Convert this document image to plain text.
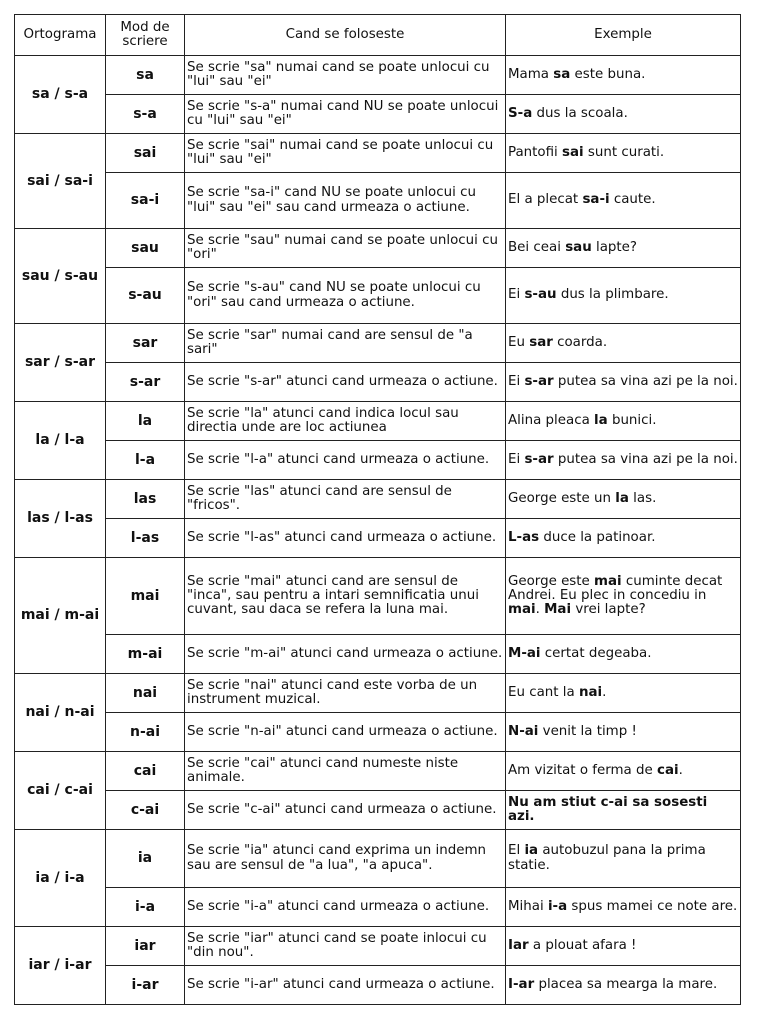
Ortograma	Mod de scriere	Cand se foloseste	Exemple
sa / s-a	sa	Se scrie "sa" numai cand se poate unlocui cu "lui" sau "ei"	Mama sa este buna.
	s-a	Se scrie "s-a" numai cand NU se poate unlocui cu "lui" sau "ei"	S-a dus la scoala.
sai / sa-i	sai	Se scrie "sai" numai cand se poate unlocui cu "lui" sau "ei"	Pantofii sai sunt curati.
	sa-i	Se scrie "sa-i" cand NU se poate unlocui cu "lui" sau "ei" sau cand urmeaza o actiune.	El a plecat sa-i caute.
sau / s-au	sau	Se scrie "sau" numai cand se poate unlocui cu "ori"	Bei ceai sau lapte?
	s-au	Se scrie "s-au" cand NU se poate unlocui cu "ori" sau cand urmeaza o actiune.	Ei s-au dus la plimbare.
sar / s-ar	sar	Se scrie "sar" numai cand are sensul de "a sari"	Eu sar coarda.
	s-ar	Se scrie "s-ar" atunci cand urmeaza o actiune.	Ei s-ar putea sa vina azi pe la noi.
la / l-a	la	Se scrie "la" atunci cand indica locul sau directia unde are loc actiunea	Alina pleaca la bunici.
	l-a	Se scrie "l-a" atunci cand urmeaza o actiune.	Ei s-ar putea sa vina azi pe la noi.
las / l-as	las	Se scrie "las" atunci cand are sensul de "fricos".	George este un la las.
	l-as	Se scrie "l-as" atunci cand urmeaza o actiune.	L-as duce la patinoar.
mai / m-ai	mai	Se scrie "mai" atunci cand are sensul de "inca", sau pentru a intari semnificatia unui cuvant, sau daca se refera la luna mai.	George este mai cuminte decat Andrei. Eu plec in concediu in mai. Mai vrei lapte?
	m-ai	Se scrie "m-ai" atunci cand urmeaza o actiune.	M-ai certat degeaba.
nai / n-ai	nai	Se scrie "nai" atunci cand este vorba de un instrument muzical.	Eu cant la nai.
	n-ai	Se scrie "n-ai" atunci cand urmeaza o actiune.	N-ai venit la timp !
cai / c-ai	cai	Se scrie "cai" atunci cand numeste niste animale.	Am vizitat o ferma de cai.
	c-ai	Se scrie "c-ai" atunci cand urmeaza o actiune.	Nu am stiut c-ai sa sosesti azi.
ia / i-a	ia	Se scrie "ia" atunci cand exprima un indemn sau are sensul de "a lua", "a apuca".	El ia autobuzul pana la prima statie.
	i-a	Se scrie "i-a" atunci cand urmeaza o actiune.	Mihai i-a spus mamei ce note are.
iar / i-ar	iar	Se scrie "iar" atunci cand se poate inlocui cu "din nou".	Iar a plouat afara !
	i-ar	Se scrie "i-ar" atunci cand urmeaza o actiune.	I-ar placea sa mearga la mare.
